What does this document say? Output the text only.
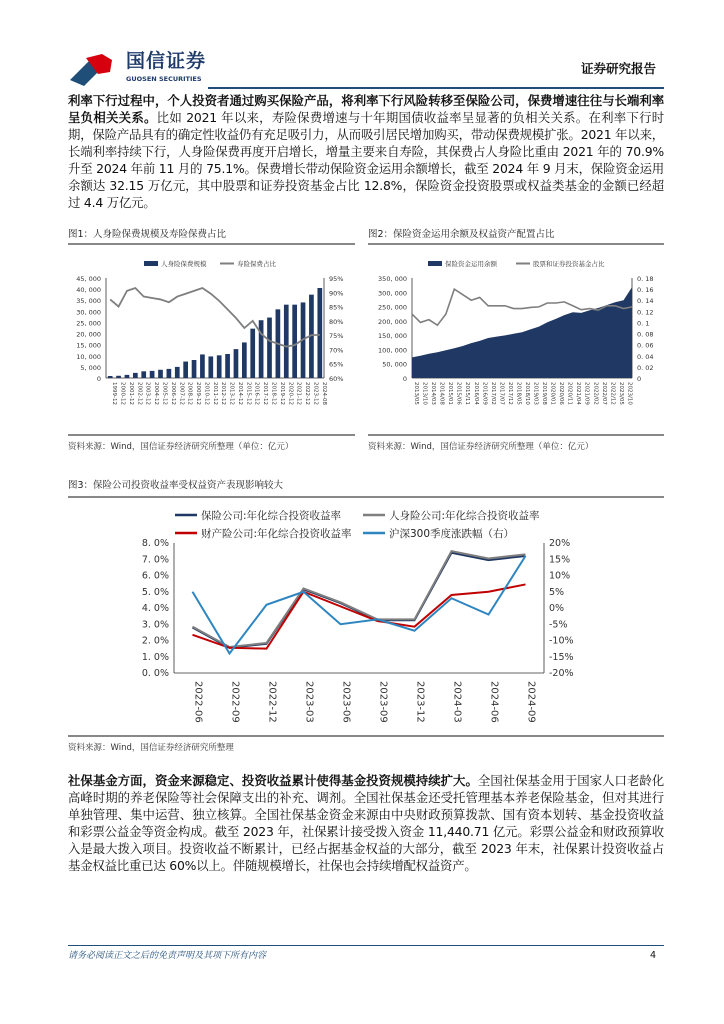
国信证券
GUOSEN SECURITIES
证券研究报告

利率下行过程中，个人投资者通过购买保险产品，将利率下行风险转移至保险公司，保费增速往往与长端利率呈负相关关系。比如 2021 年以来，寿险保费增速与十年期国债收益率呈显著的负相关关系。在利率下行时期，保险产品具有的确定性收益仍有充足吸引力，从而吸引居民增加购买，带动保费规模扩张。2021 年以来，长端利率持续下行，人身险保费再度开启增长，增量主要来自寿险，其保费占人身险比重由 2021 年的 70.9%升至 2024 年前 11 月的 75.1%。保费增长带动保险资金运用余额增长，截至 2024 年 9 月末，保险资金运用余额达 32.15 万亿元，其中股票和证券投资基金占比 12.8%，保险资金投资股票或权益类基金的金额已经超过 4.4 万亿元。

图1：人身险保费规模及寿险保费占比
0
5, 000
10, 000
15, 000
20, 000
25, 000
30, 000
35, 000
40, 000
45, 000
60%
65%
70%
75%
80%
85%
90%
95%
1999-12 2000-12 2001-12 2002-12 2003-12 2004-12 2005-12 2006-12 2007-12 2008-12 2009-12 2010-12 2011-12 2012-12 2013-12 2014-12 2015-12 2016-12 2017-12 2018-12 2019-12 2020-12 2021-12 2022-12 2023-12 2024-08
人身险保费规模	寿险保费占比
资料来源：Wind，国信证券经济研究所整理（单位：亿元）
图2：保险资金运用余额及权益资产配置占比
0
50, 000
100, 000
150, 000
200, 000
250, 000
300, 000
350, 000
0
0. 02
0. 04
0. 06
0. 08
0. 1
0. 12
0. 14
0. 16
0. 18
2013/05 2013/10 2014/03 2014/08 2015/01 2015/06 2015/11 2016/04 2016/09 2017/02 2017/07 2017/12 2018/05 2018/10 2019/03 2019/08 2020/01 2020/06 2020/11 2021/04 2021/09 2022/02 2022/07 2022/12 2023/05 2023/10
保险资金运用余额	股票和证券投资基金占比
资料来源：Wind，国信证券经济研究所整理（单位：亿元）
图3：保险公司投资收益率受权益资产表现影响较大
0. 0%
1. 0%
2. 0%
3. 0%
4. 0%
5. 0%
6. 0%
7. 0%
8. 0%
-20%
-15%
-10%
-5%
0%
5%
10%
15%
20%
2022-06	2022-09	2022-12	2023-03	2023-06	2023-09	2023-12	2024-03	2024-06	2024-09
保险公司:年化综合投资收益率	人身险公司:年化综合投资收益率
财产险公司:年化综合投资收益率	沪深300季度涨跌幅（右）
资料来源：Wind，国信证券经济研究所整理

社保基金方面，资金来源稳定、投资收益累计使得基金投资规模持续扩大。全国社保基金用于国家人口老龄化高峰时期的养老保险等社会保障支出的补充、调剂。全国社保基金还受托管理基本养老保险基金，但对其进行单独管理、集中运营、独立核算。全国社保基金资金来源由中央财政预算拨款、国有资本划转、基金投资收益和彩票公益金等资金构成。截至 2023 年，社保累计接受拨入资金 11,440.71 亿元。彩票公益金和财政预算收入是最大拨入项目。投资收益不断累计，已经占据基金权益的大部分，截至 2023 年末，社保累计投资收益占基金权益比重已达 60%以上。伴随规模增长，社保也会持续增配权益资产。

请务必阅读正文之后的免责声明及其项下所有内容	4
